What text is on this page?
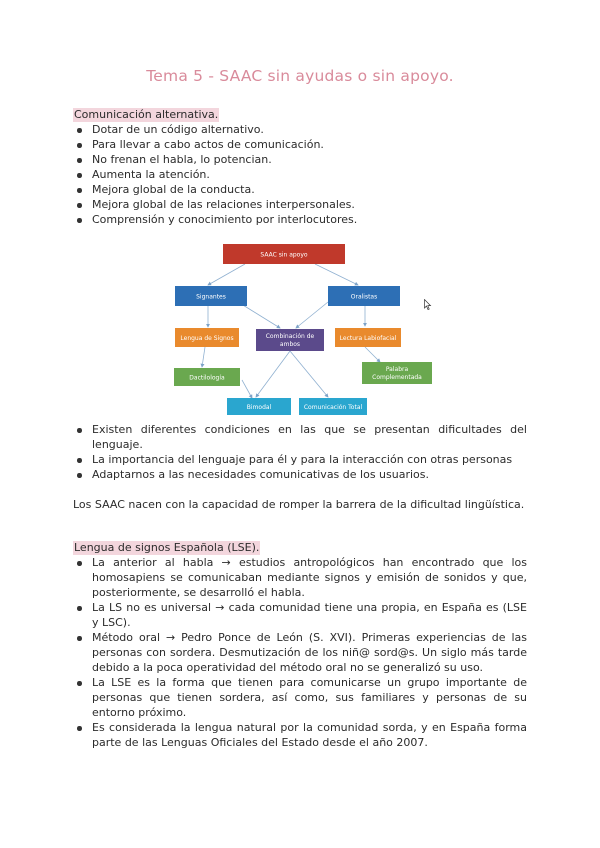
Tema 5 - SAAC sin ayudas o sin apoyo.
Comunicación alternativa.
Dotar de un código alternativo.
Para llevar a cabo actos de comunicación.
No frenan el habla, lo potencian.
Aumenta la atención.
Mejora global de la conducta.
Mejora global de las relaciones interpersonales.
Comprensión y conocimiento por interlocutores.
SAAC sin apoyo
Signantes	Oralistas
Lengua de Signos	Combinación de
ambos
Lectura Labiofacial
Dactilología
Palabra
Complementada
Bimodal	Comunicación Total
Existen diferentes condiciones en las que se presentan dificultades del lenguaje.
La importancia del lenguaje para él y para la interacción con otras personas
Adaptarnos a las necesidades comunicativas de los usuarios.
Los SAAC nacen con la capacidad de romper la barrera de la dificultad lingüística.
Lengua de signos Española (LSE).
La anterior al habla → estudios antropológicos han encontrado que los homosapiens se comunicaban mediante signos y emisión de sonidos y que, posteriormente, se desarrolló el habla.
La LS no es universal → cada comunidad tiene una propia, en España es (LSE y LSC).
Método oral → Pedro Ponce de León (S. XVI). Primeras experiencias de las personas con sordera. Desmutización de los niñ@ sord@s. Un siglo más tarde debido a la poca operatividad del método oral no se generalizó su uso.
La LSE es la forma que tienen para comunicarse un grupo importante de personas que tienen sordera, así como, sus familiares y personas de su entorno próximo.
Es considerada la lengua natural por la comunidad sorda, y en España forma parte de las Lenguas Oficiales del Estado desde el año 2007.
